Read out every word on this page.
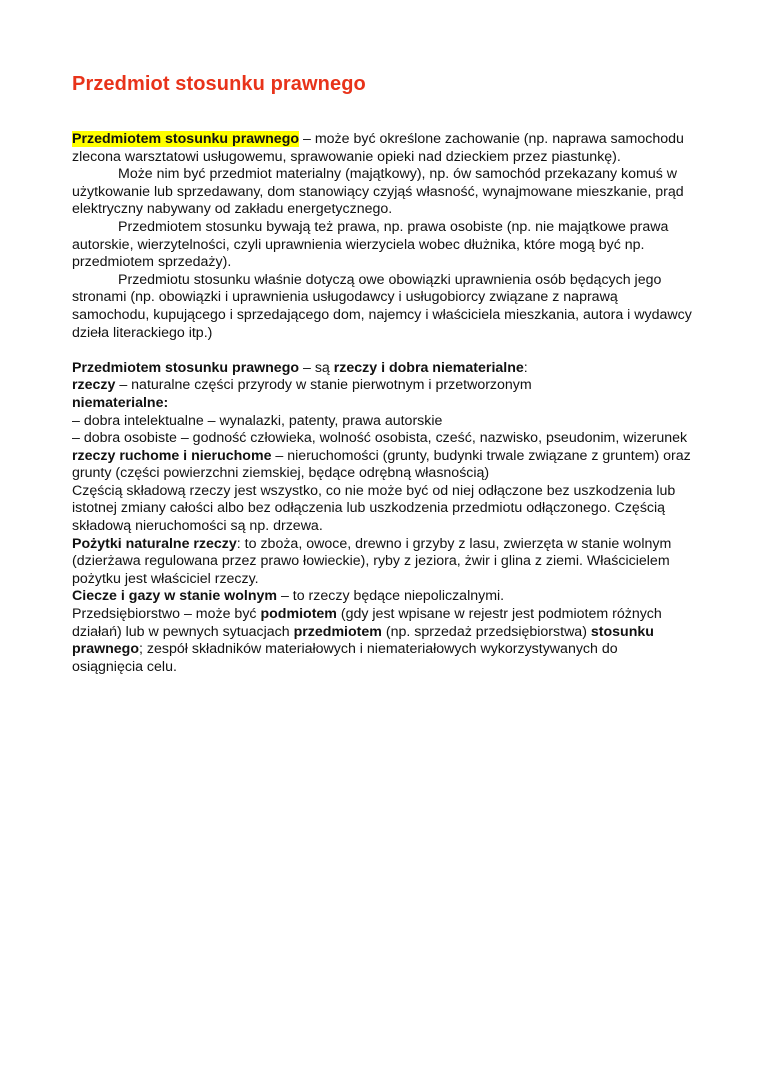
Przedmiot stosunku prawnego

Przedmiotem stosunku prawnego – może być określone zachowanie (np. naprawa samochodu zlecona warsztatowi usługowemu, sprawowanie opieki nad dzieckiem przez piastunkę).

Może nim być przedmiot materialny (majątkowy), np. ów samochód przekazany komuś w użytkowanie lub sprzedawany, dom stanowiący czyjąś własność, wynajmowane mieszkanie, prąd elektryczny nabywany od zakładu energetycznego.

Przedmiotem stosunku bywają też prawa, np. prawa osobiste (np. nie majątkowe prawa autorskie, wierzytelności, czyli uprawnienia wierzyciela wobec dłużnika, które mogą być np. przedmiotem sprzedaży).

Przedmiotu stosunku właśnie dotyczą owe obowiązki uprawnienia osób będących jego stronami (np. obowiązki i uprawnienia usługodawcy i usługobiorcy związane z naprawą samochodu, kupującego i sprzedającego dom, najemcy i właściciela mieszkania, autora i wydawcy dzieła literackiego itp.)

Przedmiotem stosunku prawnego – są rzeczy i dobra niematerialne:

rzeczy – naturalne części przyrody w stanie pierwotnym i przetworzonym

niematerialne:

– dobra intelektualne – wynalazki, patenty, prawa autorskie

– dobra osobiste – godność człowieka, wolność osobista, cześć, nazwisko, pseudonim, wizerunek

rzeczy ruchome i nieruchome – nieruchomości (grunty, budynki trwale związane z gruntem) oraz grunty (części powierzchni ziemskiej, będące odrębną własnością)

Częścią składową rzeczy jest wszystko, co nie może być od niej odłączone bez uszkodzenia lub istotnej zmiany całości albo bez odłączenia lub uszkodzenia przedmiotu odłączonego. Częścią składową nieruchomości są np. drzewa.

Pożytki naturalne rzeczy: to zboża, owoce, drewno i grzyby z lasu, zwierzęta w stanie wolnym (dzierżawa regulowana przez prawo łowieckie), ryby z jeziora, żwir i glina z ziemi. Właścicielem pożytku jest właściciel rzeczy.

Ciecze i gazy w stanie wolnym – to rzeczy będące niepoliczalnymi.

Przedsiębiorstwo – może być podmiotem (gdy jest wpisane w rejestr jest podmiotem różnych działań) lub w pewnych sytuacjach przedmiotem (np. sprzedaż przedsiębiorstwa) stosunku prawnego; zespół składników materiałowych i niemateriałowych wykorzystywanych do osiągnięcia celu.
